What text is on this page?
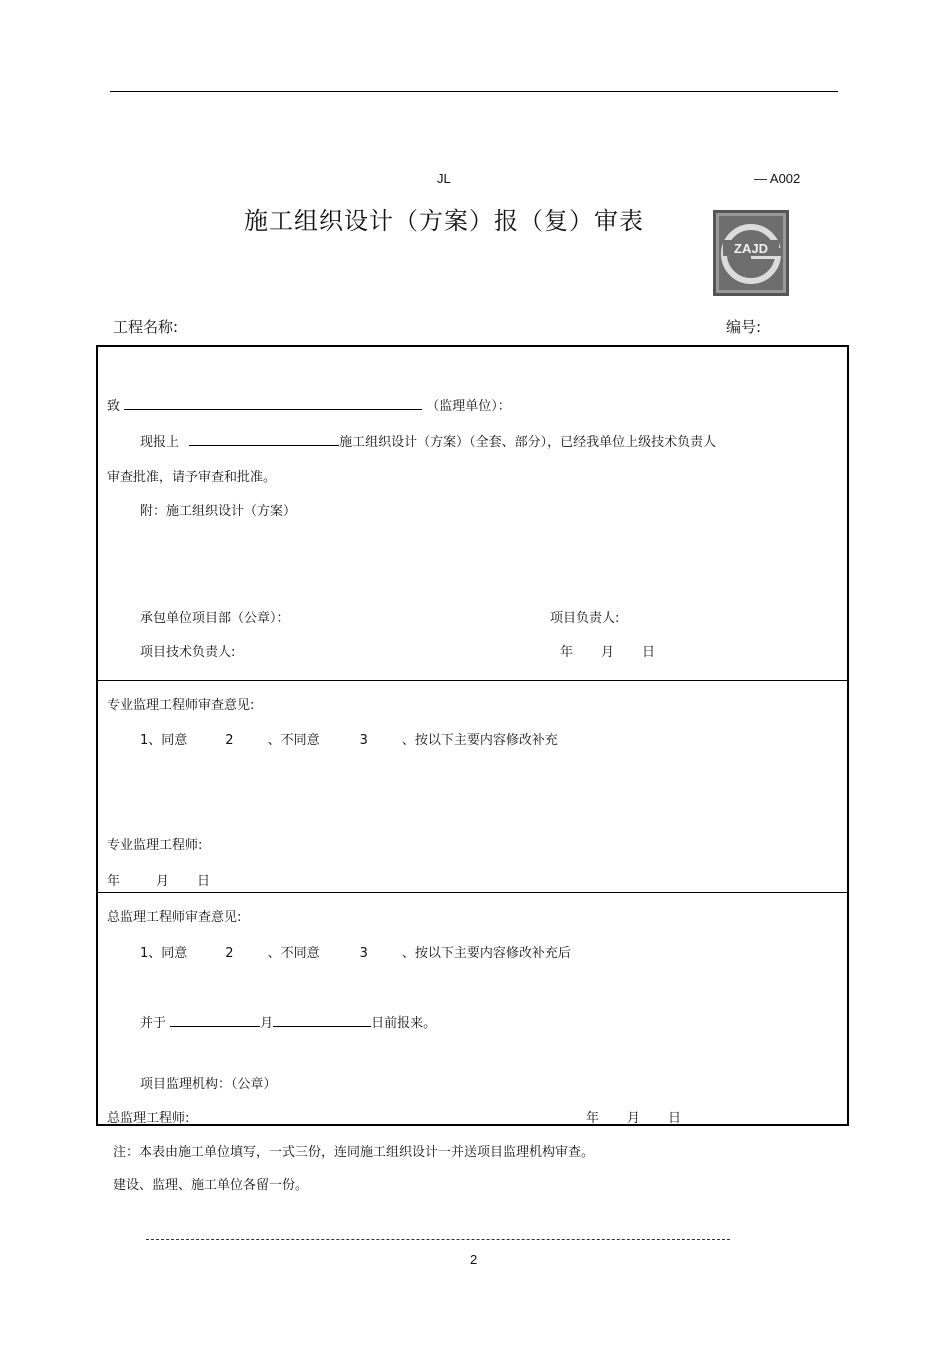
JL	— A002
施工组织设计（方案）报（复）审表
ZAJD
工程名称:	编号:
致	（监理单位）：
现报上	施工组织设计（方案）（全套、部分），已经我单位上级技术负责人
审查批准，请予审查和批准。
附：施工组织设计（方案）
承包单位项目部（公章）：	项目负责人:
项目技术负责人:	年 月 日
专业监理工程师审查意见:
1、同意	2	、不同意	3	、按以下主要内容修改补充
专业监理工程师:
年	月 日
总监理工程师审查意见:
1、同意	2	、不同意	3	、按以下主要内容修改补充后
并于	月	日前报来。
项目监理机构：（公章）
总监理工程师:	年 月 日
注：本表由施工单位填写，一式三份，连同施工组织设计一并送项目监理机构审查。
建设、监理、施工单位各留一份。
2
